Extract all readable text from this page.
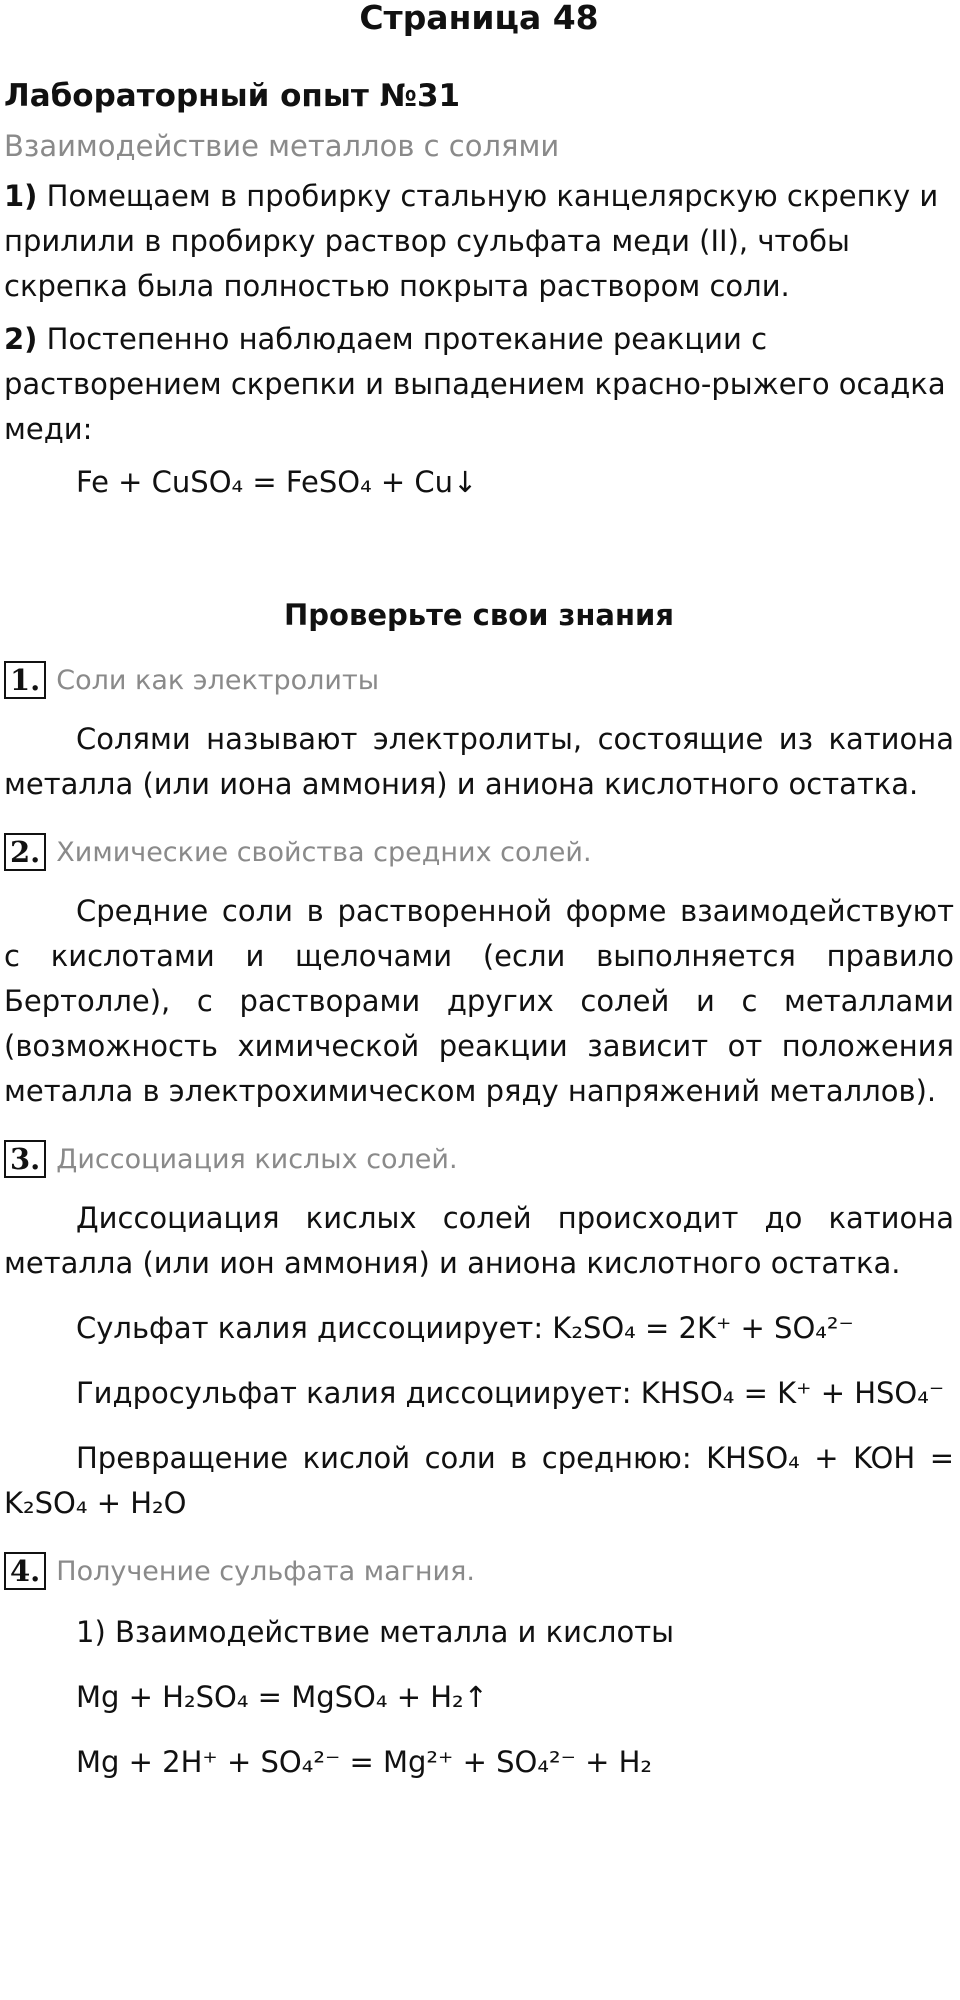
Страница 48
Лабораторный опыт №31
Взаимодействие металлов с солями

1) Помещаем в пробирку стальную канцелярскую скрепку и прилили в пробирку раствор сульфата меди (II), чтобы скрепка была полностью покрыта раствором соли.

2) Постепенно наблюдаем протекание реакции с растворением скрепки и выпадением красно-рыжего осадка меди:

Fe + CuSO₄ = FeSO₄ + Cu↓

Проверьте свои знания
1. Соли как электролиты

Солями называют электролиты, состоящие из катиона металла (или иона аммония) и аниона кислотного остатка.

2. Химические свойства средних солей.

Средние соли в растворенной форме взаимодействуют с кислотами и щелочами (если выполняется правило Бертолле), с растворами других солей и с металлами (возможность химической реакции зависит от положения металла в электрохимическом ряду напряжений металлов).

3. Диссоциация кислых солей.

Диссоциация кислых солей происходит до катиона металла (или ион аммония) и аниона кислотного остатка.

Сульфат калия диссоциирует: K₂SO₄ = 2K⁺ + SO₄²⁻

Гидросульфат калия диссоциирует: KHSO₄ = K⁺ + HSO₄⁻

Превращение кислой соли в среднюю: KHSO₄ + KOH = K₂SO₄ + H₂O

4. Получение сульфата магния.

1) Взаимодействие металла и кислоты

Mg + H₂SO₄ = MgSO₄ + H₂↑

Mg + 2H⁺ + SO₄²⁻ = Mg²⁺ + SO₄²⁻ + H₂
